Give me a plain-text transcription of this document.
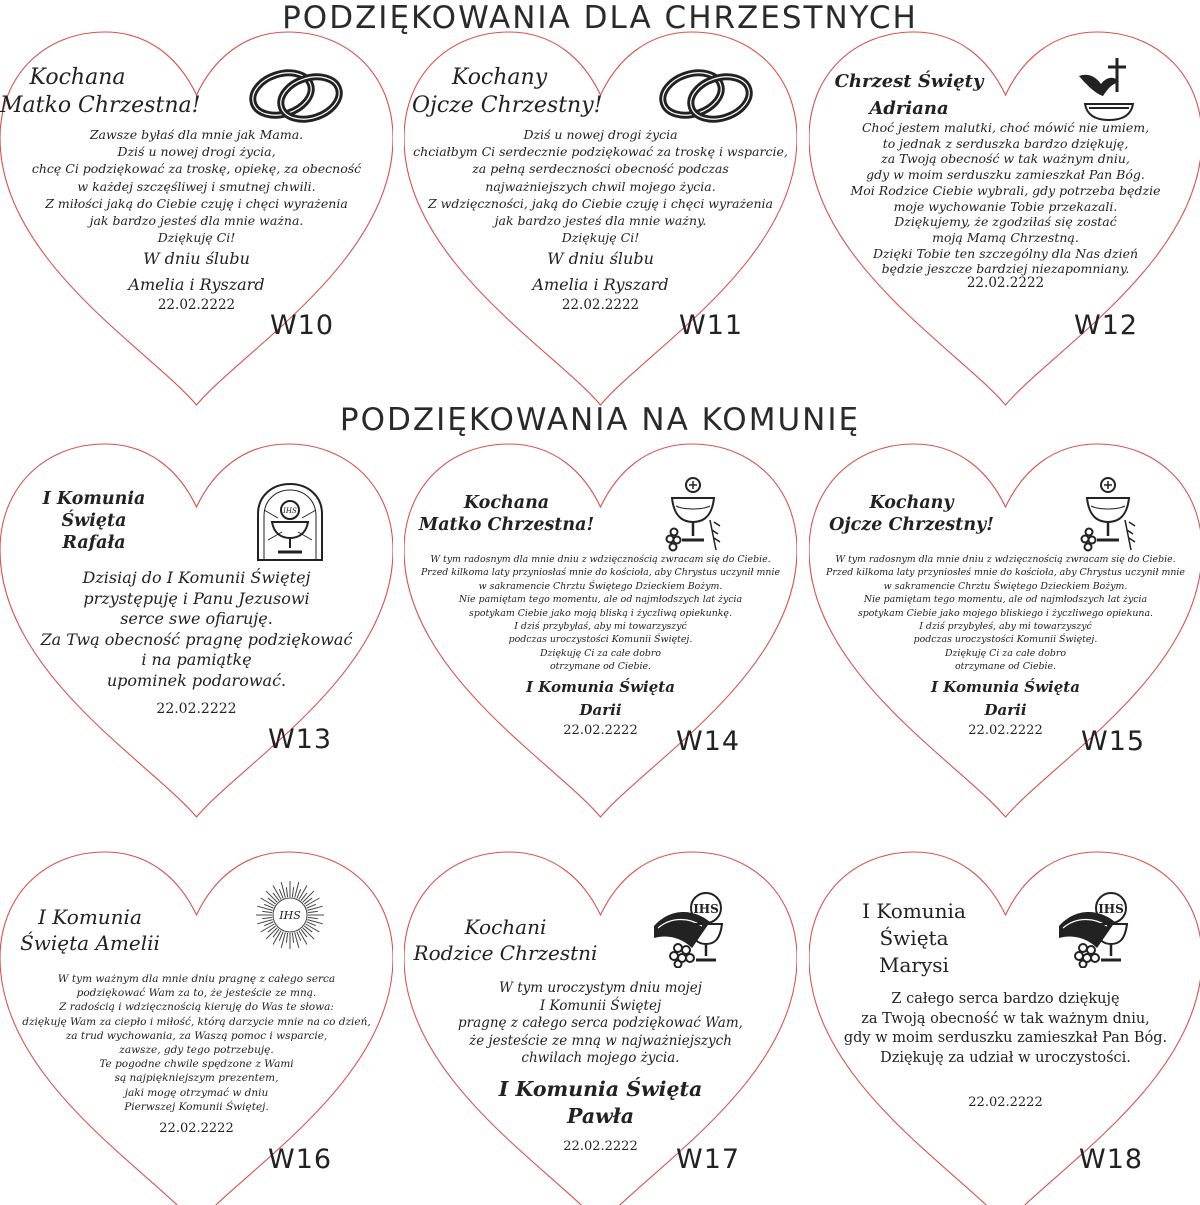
PODZIĘKOWANIA DLA CHRZESTNYCH
PODZIĘKOWANIA NA KOMUNIĘ
Kochana
Matko Chrzestna!
Zawsze byłaś dla mnie jak Mama.
Dziś u nowej drogi życia,
chcę Ci podziękować za troskę, opiekę, za obecność
w każdej szczęśliwej i smutnej chwili.
Z miłości jaką do Ciebie czuję i chęci wyrażenia
jak bardzo jesteś dla mnie ważna.
Dziękuję Ci!
W dniu ślubu
Amelia i Ryszard
22.02.2222
W10
Kochany
Ojcze Chrzestny!
Dziś u nowej drogi życia
chciałbym Ci serdecznie podziękować za troskę i wsparcie,
za pełną serdeczności obecność podczas
najważniejszych chwil mojego życia.
Z wdzięczności, jaką do Ciebie czuję i chęci wyrażenia
jak bardzo jesteś dla mnie ważny.
Dziękuję Ci!
W dniu ślubu
Amelia i Ryszard
22.02.2222
W11
Chrzest Święty
Adriana
Choć jestem malutki, choć mówić nie umiem,
to jednak z serduszka bardzo dziękuję,
za Twoją obecność w tak ważnym dniu,
gdy w moim serduszku zamieszkał Pan Bóg.
Moi Rodzice Ciebie wybrali, gdy potrzeba będzie
moje wychowanie Tobie przekazali.
Dziękujemy, że zgodziłaś się zostać
moją Mamą Chrzestną.
Dzięki Tobie ten szczególny dla Nas dzień
będzie jeszcze bardziej niezapomniany.
22.02.2222
W12
IHS
I Komunia
Święta
Rafała
Dzisiaj do I Komunii Świętej
przystępuję i Panu Jezusowi
serce swe ofiaruję.
Za Twą obecność pragnę podziękować
i na pamiątkę
upominek podarować.
22.02.2222
W13
Kochana
Matko Chrzestna!
W tym radosnym dla mnie dniu z wdzięcznością zwracam się do Ciebie.
Przed kilkoma laty przyniosłaś mnie do kościoła, aby Chrystus uczynił mnie
w sakramencie Chrztu Świętego Dzieckiem Bożym.
Nie pamiętam tego momentu, ale od najmłodszych lat życia
spotykam Ciebie jako moją bliską i życzliwą opiekunkę.
I dziś przybyłaś, aby mi towarzyszyć
podczas uroczystości Komunii Świętej.
Dziękuję Ci za całe dobro
otrzymane od Ciebie.
I Komunia Święta
Darii
22.02.2222	W14
Kochany
Ojcze Chrzestny!
W tym radosnym dla mnie dniu z wdzięcznością zwracam się do Ciebie.
Przed kilkoma laty przyniosłeś mnie do kościoła, aby Chrystus uczynił mnie
w sakramencie Chrztu Świętego Dzieckiem Bożym.
Nie pamiętam tego momentu, ale od najmłodszych lat życia
spotykam Ciebie jako mojego bliskiego i życzliwego opiekuna.
I dziś przybyłeś, aby mi towarzyszyć
podczas uroczystości Komunii Świętej.
Dziękuję Ci za całe dobro
otrzymane od Ciebie.
I Komunia Święta
Darii
22.02.2222	W15
IHS
I Komunia
Święta Amelii
W tym ważnym dla mnie dniu pragnę z całego serca
podziękować Wam za to, że jesteście ze mną.
Z radością i wdzięcznością kieruję do Was te słowa:
dziękuję Wam za ciepło i miłość, którą darzycie mnie na co dzień,
za trud wychowania, za Waszą pomoc i wsparcie,
zawsze, gdy tego potrzebuję.
Te pogodne chwile spędzone z Wami
są najpiękniejszym prezentem,
jaki mogę otrzymać w dniu
Pierwszej Komunii Świętej.
22.02.2222
W16
IHS
Kochani
Rodzice Chrzestni
W tym uroczystym dniu mojej
I Komunii Świętej
pragnę z całego serca podziękować Wam,
że jesteście ze mną w najważniejszych
chwilach mojego życia.
I Komunia Święta
Pawła
22.02.2222	W17
IHS
I Komunia
Święta
Marysi
Z całego serca bardzo dziękuję
za Twoją obecność w tak ważnym dniu,
gdy w moim serduszku zamieszkał Pan Bóg.
Dziękuję za udział w uroczystości.
22.02.2222
W18
